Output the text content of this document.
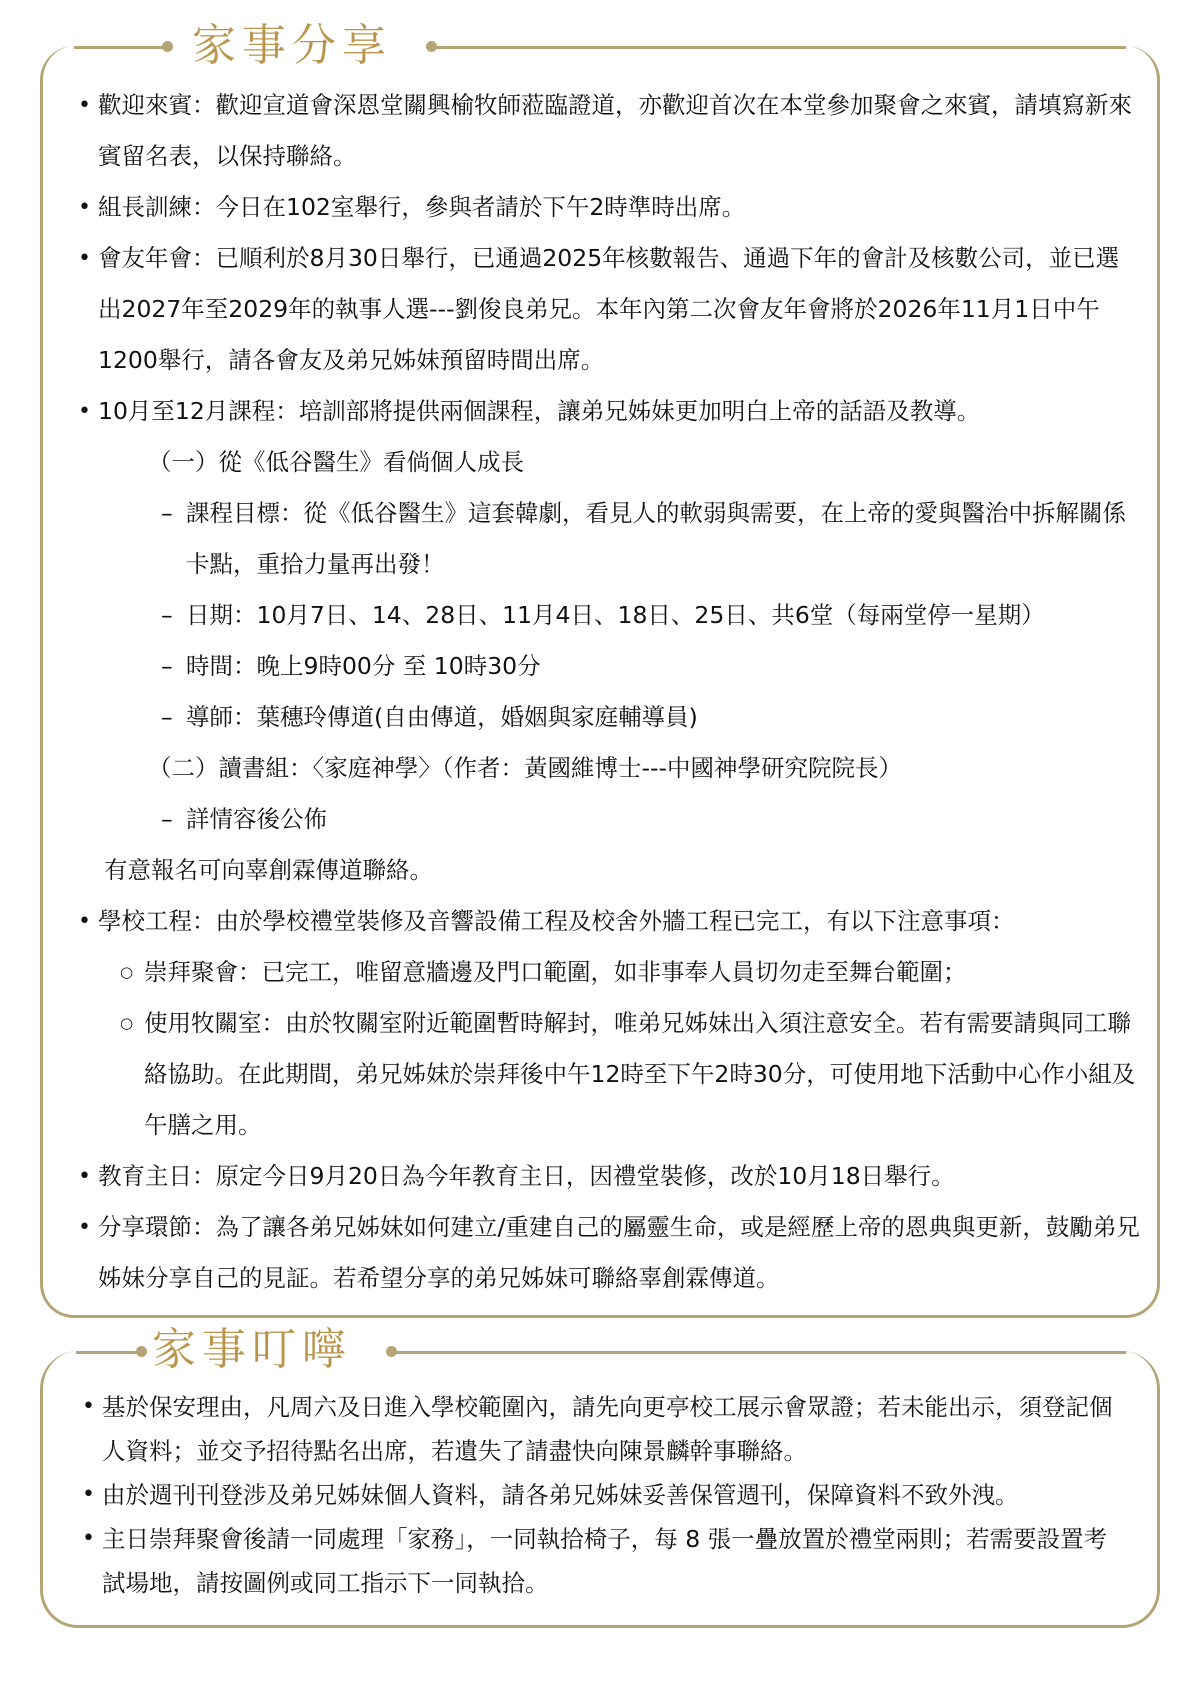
家事分享

• 歡迎來賓：歡迎宣道會深恩堂關興榆牧師蒞臨證道，亦歡迎首次在本堂參加聚會之來賓，請填寫新來賓留名表，以保持聯絡。

• 組長訓練：今日在102室舉行，參與者請於下午2時準時出席。

• 會友年會：已順利於8月30日舉行，已通過2025年核數報告、通過下年的會計及核數公司，並已選出2027年至2029年的執事人選---劉俊良弟兄。本年內第二次會友年會將於2026年11月1日中午1200舉行，請各會友及弟兄姊妹預留時間出席。

• 10月至12月課程：培訓部將提供兩個課程，讓弟兄姊妹更加明白上帝的話語及教導。

（一）從《低谷醫生》看倘個人成長

– 課程目標：從《低谷醫生》這套韓劇，看見人的軟弱與需要，在上帝的愛與醫治中拆解關係卡點，重拾力量再出發！

– 日期：10月7日、14、28日、11月4日、18日、25日、共6堂（每兩堂停一星期）

– 時間：晚上9時00分 至 10時30分

– 導師：葉穗玲傳道(自由傳道，婚姻與家庭輔導員)

（二）讀書組：〈家庭神學〉（作者：黃國維博士---中國神學研究院院長）

– 詳情容後公佈

有意報名可向辜創霖傳道聯絡。

• 學校工程：由於學校禮堂裝修及音響設備工程及校舍外牆工程已完工，有以下注意事項：

○ 崇拜聚會：已完工，唯留意牆邊及門口範圍，如非事奉人員切勿走至舞台範圍；

○ 使用牧關室：由於牧關室附近範圍暫時解封，唯弟兄姊妹出入須注意安全。若有需要請與同工聯絡協助。在此期間，弟兄姊妹於崇拜後中午12時至下午2時30分，可使用地下活動中心作小組及午膳之用。

• 教育主日：原定今日9月20日為今年教育主日，因禮堂裝修，改於10月18日舉行。

• 分享環節：為了讓各弟兄姊妹如何建立/重建自己的屬靈生命，或是經歷上帝的恩典與更新，鼓勵弟兄姊妹分享自己的見証。若希望分享的弟兄姊妹可聯絡辜創霖傳道。

家事叮嚀

• 基於保安理由，凡周六及日進入學校範圍內，請先向更亭校工展示會眾證；若未能出示，須登記個人資料；並交予招待點名出席，若遺失了請盡快向陳景麟幹事聯絡。

• 由於週刊刊登涉及弟兄姊妹個人資料，請各弟兄姊妹妥善保管週刊，保障資料不致外洩。

• 主日崇拜聚會後請一同處理「家務」，一同執拾椅子，每 8 張一疊放置於禮堂兩則；若需要設置考試場地，請按圖例或同工指示下一同執拾。
